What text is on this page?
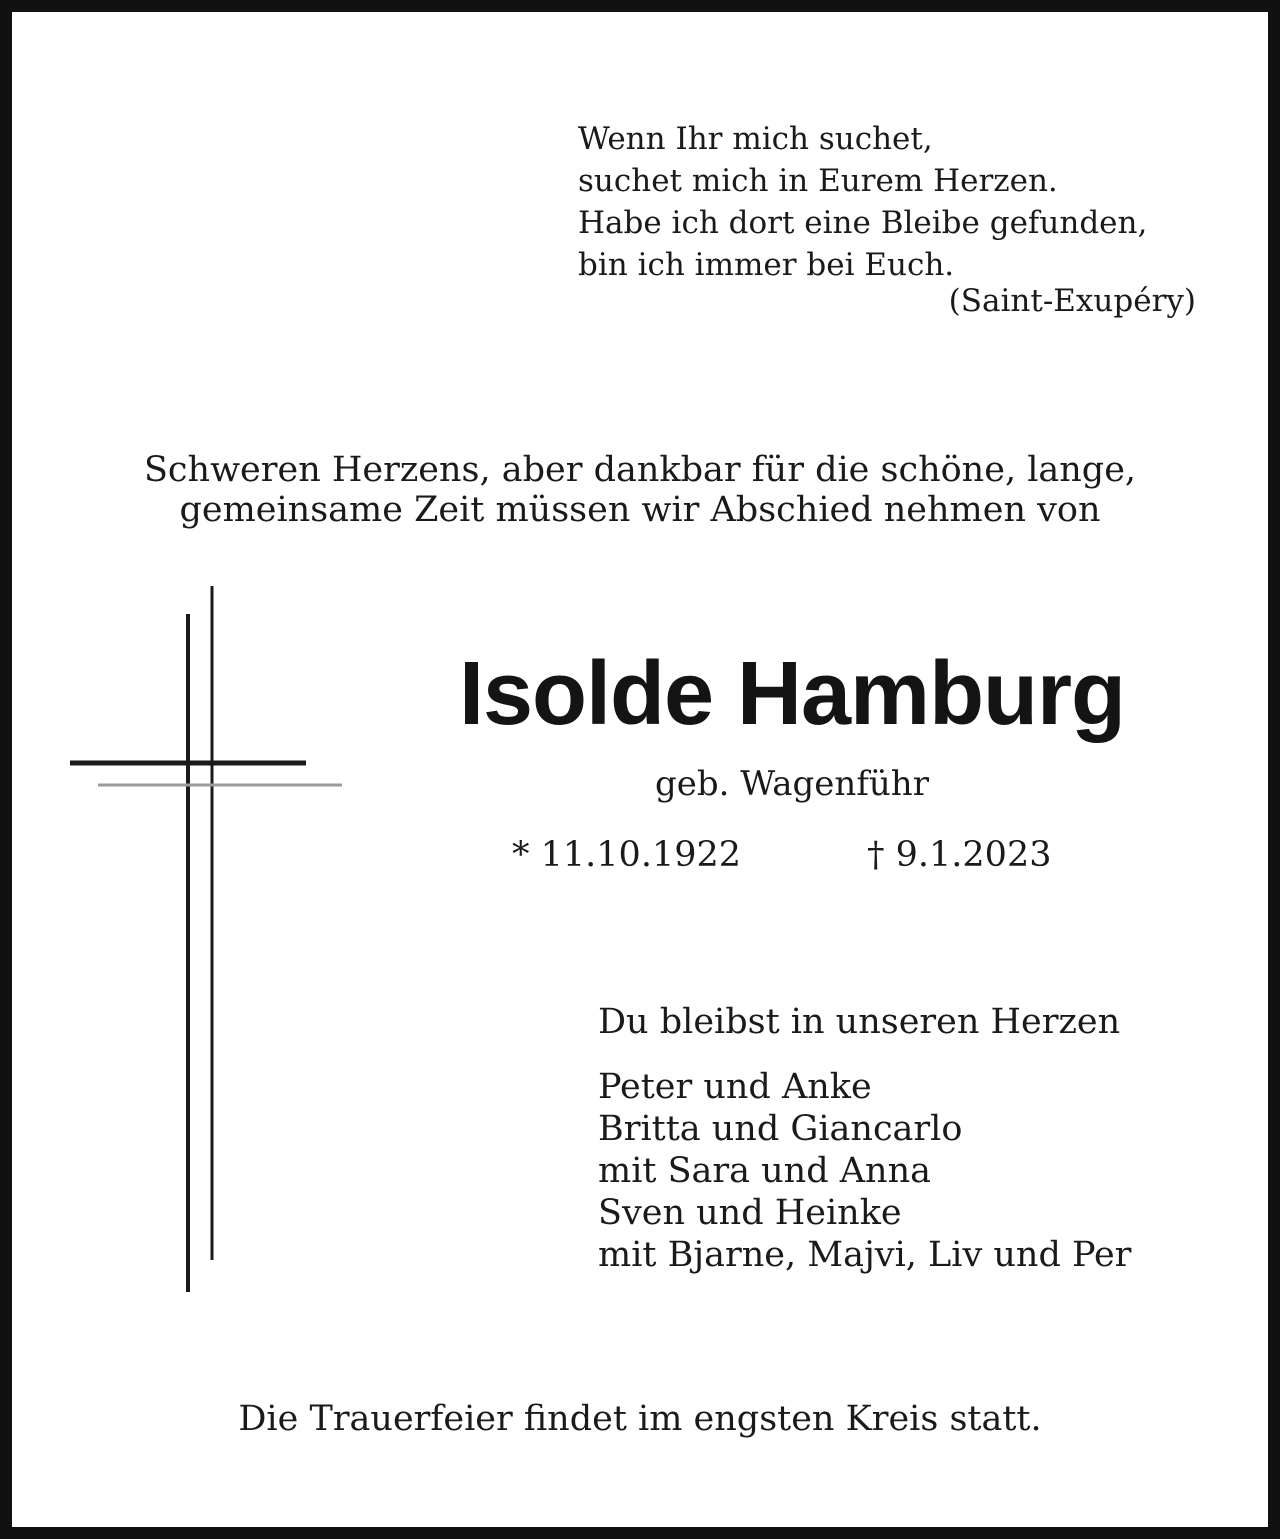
Wenn Ihr mich suchet,
suchet mich in Eurem Herzen.
Habe ich dort eine Bleibe gefunden,
bin ich immer bei Euch.
(Saint-Exupéry)
Schweren Herzens, aber dankbar für die schöne, lange,
gemeinsame Zeit müssen wir Abschied nehmen von
Isolde Hamburg
geb. Wagenführ
* 11.10.1922	† 9.1.2023
Du bleibst in unseren Herzen
Peter und Anke
Britta und Giancarlo
mit Sara und Anna
Sven und Heinke
mit Bjarne, Majvi, Liv und Per
Die Trauerfeier findet im engsten Kreis statt.
